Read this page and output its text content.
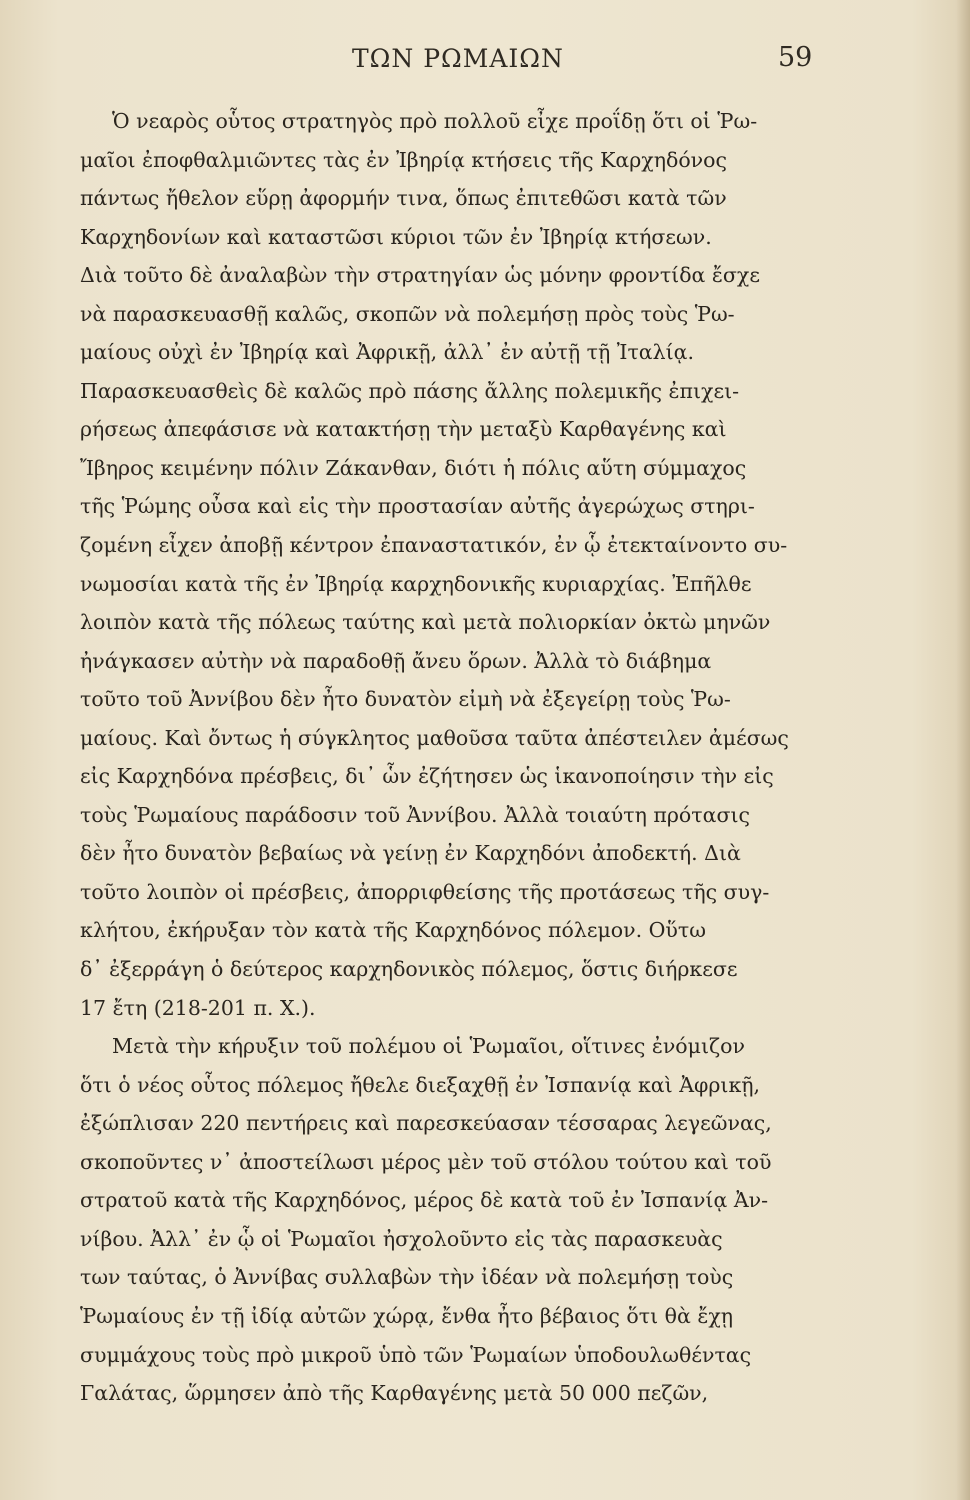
ΤΩΝ ΡΩΜΑΙΩΝ	59
Ὁ νεαρὸς οὗτος στρατηγὸς πρὸ πολλοῦ εἶχε προΐδῃ ὅτι οἱ Ῥω-
μαῖοι ἐποφθαλμιῶντες τὰς ἐν Ἰβηρίᾳ κτήσεις τῆς Καρχηδόνος
πάντως ἤθελον εὕρῃ ἀφορμήν τινα, ὅπως ἐπιτεθῶσι κατὰ τῶν
Καρχηδονίων καὶ καταστῶσι κύριοι τῶν ἐν Ἰβηρίᾳ κτήσεων.
Διὰ τοῦτο δὲ ἀναλαβὼν τὴν στρατηγίαν ὡς μόνην φροντίδα ἔσχε
νὰ παρασκευασθῇ καλῶς, σκοπῶν νὰ πολεμήσῃ πρὸς τοὺς Ῥω-
μαίους οὐχὶ ἐν Ἰβηρίᾳ καὶ Ἀφρικῇ, ἀλλ᾽ ἐν αὐτῇ τῇ Ἰταλίᾳ.
Παρασκευασθεὶς δὲ καλῶς πρὸ πάσης ἄλλης πολεμικῆς ἐπιχει-
ρήσεως ἀπεφάσισε νὰ κατακτήσῃ τὴν μεταξὺ Καρθαγένης καὶ
Ἴβηρος κειμένην πόλιν Ζάκανθαν, διότι ἡ πόλις αὕτη σύμμαχος
τῆς Ῥώμης οὖσα καὶ εἰς τὴν προστασίαν αὐτῆς ἀγερώχως στηρι-
ζομένη εἶχεν ἀποβῇ κέντρον ἐπαναστατικόν, ἐν ᾧ ἐτεκταίνοντο συ-
νωμοσίαι κατὰ τῆς ἐν Ἰβηρίᾳ καρχηδονικῆς κυριαρχίας. Ἐπῆλθε
λοιπὸν κατὰ τῆς πόλεως ταύτης καὶ μετὰ πολιορκίαν ὀκτὼ μηνῶν
ἠνάγκασεν αὐτὴν νὰ παραδοθῇ ἄνευ ὅρων. Ἀλλὰ τὸ διάβημα
τοῦτο τοῦ Ἀννίβου δὲν ἦτο δυνατὸν εἰμὴ νὰ ἐξεγείρῃ τοὺς Ῥω-
μαίους. Καὶ ὄντως ἡ σύγκλητος μαθοῦσα ταῦτα ἀπέστειλεν ἀμέσως
εἰς Καρχηδόνα πρέσβεις, δι᾽ ὧν ἐζήτησεν ὡς ἱκανοποίησιν τὴν εἰς
τοὺς Ῥωμαίους παράδοσιν τοῦ Ἀννίβου. Ἀλλὰ τοιαύτη πρότασις
δὲν ἦτο δυνατὸν βεβαίως νὰ γείνῃ ἐν Καρχηδόνι ἀποδεκτή. Διὰ
τοῦτο λοιπὸν οἱ πρέσβεις, ἀπορριφθείσης τῆς προτάσεως τῆς συγ-
κλήτου, ἐκήρυξαν τὸν κατὰ τῆς Καρχηδόνος πόλεμον. Οὕτω
δ᾽ ἐξερράγη ὁ δεύτερος καρχηδονικὸς πόλεμος, ὅστις διήρκεσε
17 ἔτη (218-201 π. Χ.).
Μετὰ τὴν κήρυξιν τοῦ πολέμου οἱ Ῥωμαῖοι, οἵτινες ἐνόμιζον
ὅτι ὁ νέος οὗτος πόλεμος ἤθελε διεξαχθῇ ἐν Ἰσπανίᾳ καὶ Ἀφρικῇ,
ἐξώπλισαν 220 πεντήρεις καὶ παρεσκεύασαν τέσσαρας λεγεῶνας,
σκοποῦντες ν᾽ ἀποστείλωσι μέρος μὲν τοῦ στόλου τούτου καὶ τοῦ
στρατοῦ κατὰ τῆς Καρχηδόνος, μέρος δὲ κατὰ τοῦ ἐν Ἰσπανίᾳ Ἀν-
νίβου. Ἀλλ᾽ ἐν ᾧ οἱ Ῥωμαῖοι ἠσχολοῦντο εἰς τὰς παρασκευὰς
των ταύτας, ὁ Ἀννίβας συλλαβὼν τὴν ἰδέαν νὰ πολεμήσῃ τοὺς
Ῥωμαίους ἐν τῇ ἰδίᾳ αὐτῶν χώρᾳ, ἔνθα ἦτο βέβαιος ὅτι θὰ ἔχῃ
συμμάχους τοὺς πρὸ μικροῦ ὑπὸ τῶν Ῥωμαίων ὑποδουλωθέντας
Γαλάτας, ὥρμησεν ἀπὸ τῆς Καρθαγένης μετὰ 50 000 πεζῶν,
